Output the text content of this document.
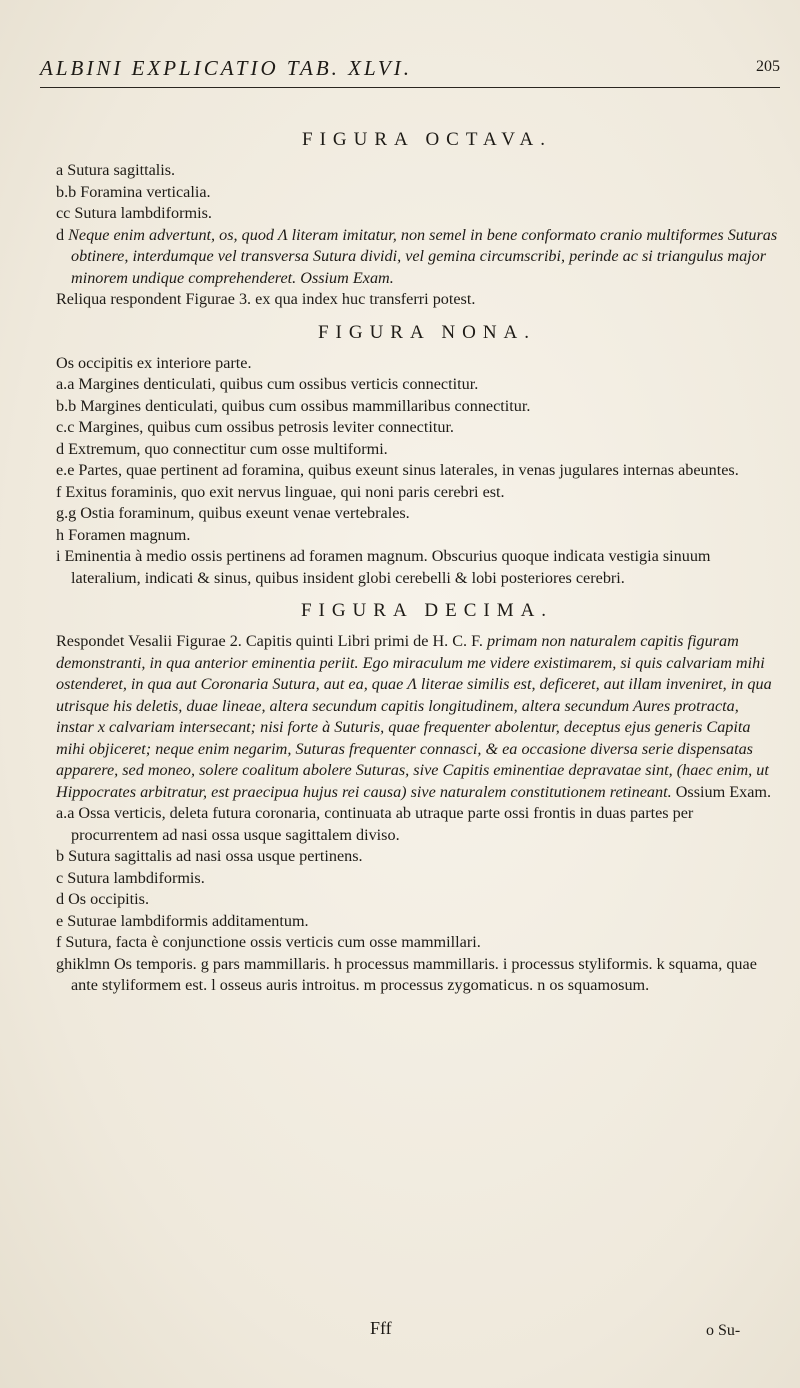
ALBINI EXPLICATIO TAB. XLVI.	205
FIGURA OCTAVA.

a Sutura sagittalis.

b.b Foramina verticalia.

cc Sutura lambdiformis.

d Neque enim advertunt, os, quod Λ literam imitatur, non semel in bene conformato cranio multiformes Suturas obtinere, interdumque vel transversa Sutura dividi, vel gemina circumscribi, perinde ac si triangulus major minorem undique comprehenderet. Ossium Exam.

Reliqua respondent Figurae 3. ex qua index huc transferri potest.

FIGURA NONA.

Os occipitis ex interiore parte.

a.a Margines denticulati, quibus cum ossibus verticis connectitur.

b.b Margines denticulati, quibus cum ossibus mammillaribus connectitur.

c.c Margines, quibus cum ossibus petrosis leviter connectitur.

d Extremum, quo connectitur cum osse multiformi.

e.e Partes, quae pertinent ad foramina, quibus exeunt sinus laterales, in venas jugulares internas abeuntes.

f Exitus foraminis, quo exit nervus linguae, qui noni paris cerebri est.

g.g Ostia foraminum, quibus exeunt venae vertebrales.

h Foramen magnum.

i Eminentia à medio ossis pertinens ad foramen magnum. Obscurius quoque indicata vestigia sinuum lateralium, indicati & sinus, quibus insident globi cerebelli & lobi posteriores cerebri.

FIGURA DECIMA.

Respondet Vesalii Figurae 2. Capitis quinti Libri primi de H. C. F. primam non naturalem capitis figuram demonstranti, in qua anterior eminentia periit. Ego miraculum me videre existimarem, si quis calvariam mihi ostenderet, in qua aut Coronaria Sutura, aut ea, quae Λ literae similis est, deficeret, aut illam inveniret, in qua utrisque his deletis, duae lineae, altera secundum capitis longitudinem, altera secundum Aures protracta, instar x calvariam intersecant; nisi forte à Suturis, quae frequenter abolentur, deceptus ejus generis Capita mihi objiceret; neque enim negarim, Suturas frequenter connasci, & ea occasione diversa serie dispensatas apparere, sed moneo, solere coalitum abolere Suturas, sive Capitis eminentiae depravatae sint, (haec enim, ut Hippocrates arbitratur, est praecipua hujus rei causa) sive naturalem constitutionem retineant. Ossium Exam.

a.a Ossa verticis, deleta futura coronaria, continuata ab utraque parte ossi frontis in duas partes per procurrentem ad nasi ossa usque sagittalem diviso.

b Sutura sagittalis ad nasi ossa usque pertinens.

c Sutura lambdiformis.

d Os occipitis.

e Suturae lambdiformis additamentum.

f Sutura, facta è conjunctione ossis verticis cum osse mammillari.

ghiklmn Os temporis. g pars mammillaris. h processus mammillaris. i processus styliformis. k squama, quae ante styliformem est. l osseus auris introitus. m processus zygomaticus. n os squamosum.

Fff	o Su-
